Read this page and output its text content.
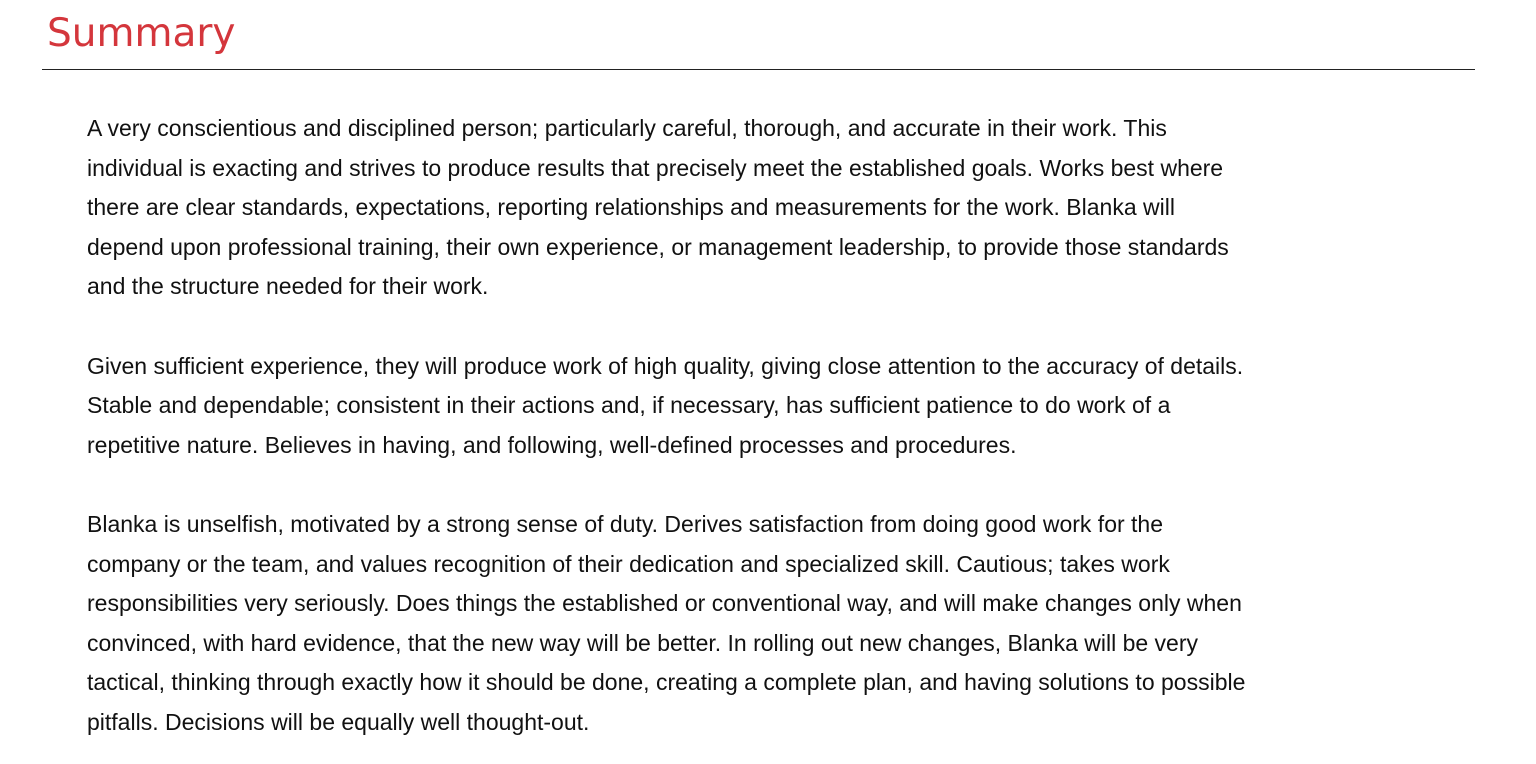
Summary

A very conscientious and disciplined person; particularly careful, thorough, and accurate in their work. This
individual is exacting and strives to produce results that precisely meet the established goals. Works best where
there are clear standards, expectations, reporting relationships and measurements for the work. Blanka will
depend upon professional training, their own experience, or management leadership, to provide those standards
and the structure needed for their work.

Given sufficient experience, they will produce work of high quality, giving close attention to the accuracy of details.
Stable and dependable; consistent in their actions and, if necessary, has sufficient patience to do work of a
repetitive nature. Believes in having, and following, well-defined processes and procedures.

Blanka is unselfish, motivated by a strong sense of duty. Derives satisfaction from doing good work for the
company or the team, and values recognition of their dedication and specialized skill. Cautious; takes work
responsibilities very seriously. Does things the established or conventional way, and will make changes only when
convinced, with hard evidence, that the new way will be better. In rolling out new changes, Blanka will be very
tactical, thinking through exactly how it should be done, creating a complete plan, and having solutions to possible
pitfalls. Decisions will be equally well thought-out.
